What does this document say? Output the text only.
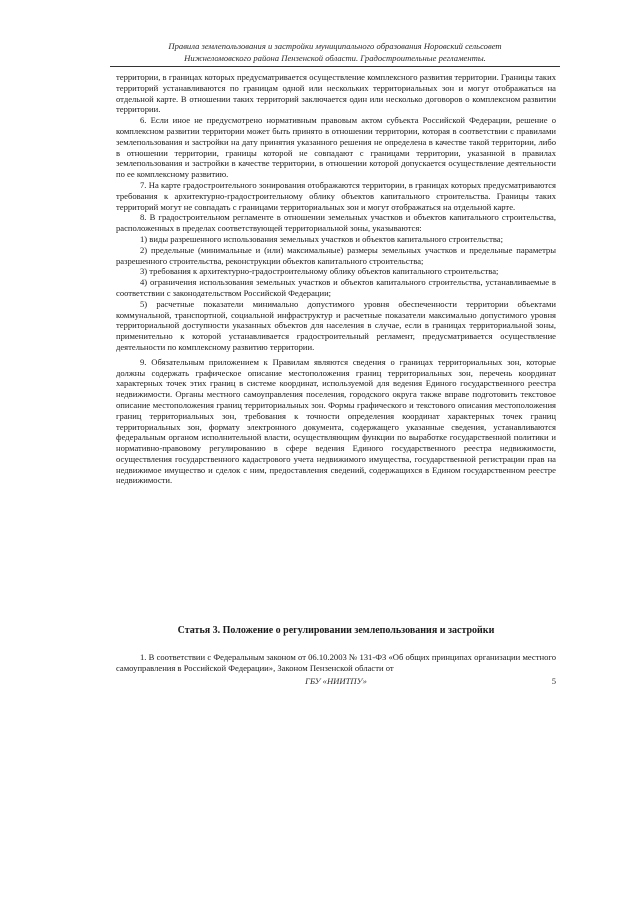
Правила землепользования и застройки муниципального образования Норовский сельсовет
Нижнеломовского района Пензенской области. Градостроительные регламенты.

территории, в границах которых предусматривается осуществление комплексного развития территории. Границы таких территорий устанавливаются по границам одной или нескольких территориальных зон и могут отображаться на отдельной карте. В отношении таких территорий заключается один или несколько договоров о комплексном развитии территории.

6. Если иное не предусмотрено нормативным правовым актом субъекта Российской Федерации, решение о комплексном развитии территории может быть принято в отношении территории, которая в соответствии с правилами землепользования и застройки на дату принятия указанного решения не определена в качестве такой территории, либо в отношении территории, границы которой не совпадают с границами территории, указанной в правилах землепользования и застройки в качестве территории, в отношении которой допускается осуществление деятельности по ее комплексному развитию.

7. На карте градостроительного зонирования отображаются территории, в границах которых предусматриваются требования к архитектурно-градостроительному облику объектов капитального строительства. Границы таких территорий могут не совпадать с границами территориальных зон и могут отображаться на отдельной карте.

8. В градостроительном регламенте в отношении земельных участков и объектов капитального строительства, расположенных в пределах соответствующей территориальной зоны, указываются:

1) виды разрешенного использования земельных участков и объектов капитального строительства;

2) предельные (минимальные и (или) максимальные) размеры земельных участков и предельные параметры разрешенного строительства, реконструкции объектов капитального строительства;

3) требования к архитектурно-градостроительному облику объектов капитального строительства;

4) ограничения использования земельных участков и объектов капитального строительства, устанавливаемые в соответствии с законодательством Российской Федерации;

5) расчетные показатели минимально допустимого уровня обеспеченности территории объектами коммунальной, транспортной, социальной инфраструктур и расчетные показатели максимально допустимого уровня территориальной доступности указанных объектов для населения в случае, если в границах территориальной зоны, применительно к которой устанавливается градостроительный регламент, предусматривается осуществление деятельности по комплексному развитию территории.

9. Обязательным приложением к Правилам являются сведения о границах территориальных зон, которые должны содержать графическое описание местоположения границ территориальных зон, перечень координат характерных точек этих границ в системе координат, используемой для ведения Единого государственного реестра недвижимости. Органы местного самоуправления поселения, городского округа также вправе подготовить текстовое описание местоположения границ территориальных зон. Формы графического и текстового описания местоположения границ территориальных зон, требования к точности определения координат характерных точек границ территориальных зон, формату электронного документа, содержащего указанные сведения, устанавливаются федеральным органом исполнительной власти, осуществляющим функции по выработке государственной политики и нормативно-правовому регулированию в сфере ведения Единого государственного реестра недвижимости, осуществления государственного кадастрового учета недвижимого имущества, государственной регистрации прав на недвижимое имущество и сделок с ним, предоставления сведений, содержащихся в Едином государственном реестре недвижимости.

Статья 3. Положение о регулировании землепользования и застройки

1. В соответствии с Федеральным законом от 06.10.2003 № 131-ФЗ «Об общих принципах организации местного самоуправления в Российской Федерации», Законом Пензенской области от

ГБУ «НИИТПУ»	5
